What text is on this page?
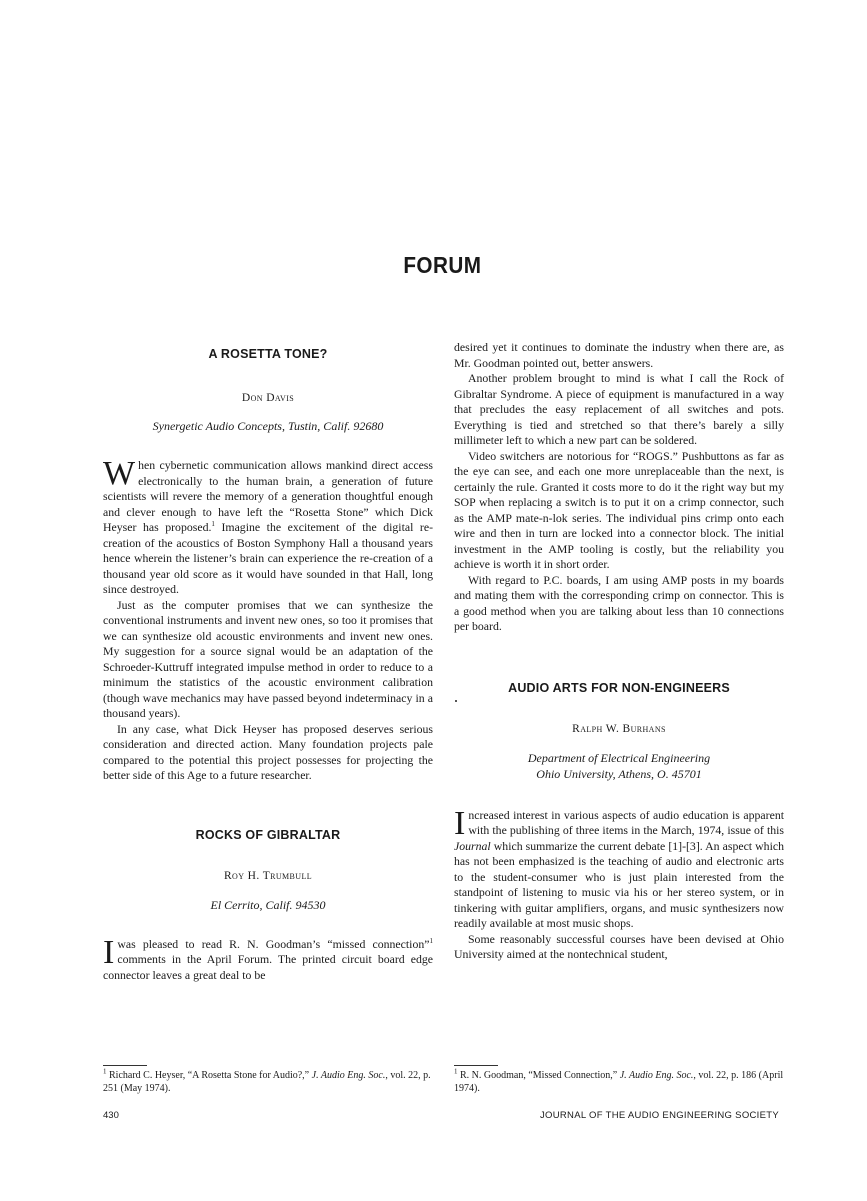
FORUM

A ROSETTA TONE?

Don Davis

Synergetic Audio Concepts, Tustin, Calif. 92680

When cybernetic communication allows mankind direct access electronically to the human brain, a generation of future scientists will revere the memory of a generation thoughtful enough and clever enough to have left the “Rosetta Stone” which Dick Heyser has proposed.$^1$ Imagine the excitement of the digital re-creation of the acoustics of Boston Symphony Hall a thousand years hence wherein the listener’s brain can experience the re-creation of a thousand year old score as it would have sounded in that Hall, long since destroyed.

Just as the computer promises that we can synthesize the conventional instruments and invent new ones, so too it promises that we can synthesize old acoustic environments and invent new ones. My suggestion for a source signal would be an adaptation of the Schroeder-Kuttruff integrated impulse method in order to reduce to a minimum the statistics of the acoustic environment calibration (though wave mechanics may have passed beyond indeterminacy in a thousand years).

In any case, what Dick Heyser has proposed deserves serious consideration and directed action. Many foundation projects pale compared to the potential this project possesses for projecting the better side of this Age to a future researcher.

ROCKS OF GIBRALTAR

Roy H. Trumbull

El Cerrito, Calif. 94530

Iwas pleased to read R. N. Goodman’s “missed connection”$^1$ comments in the April Forum. The printed circuit board edge connector leaves a great deal to be

$^1$ Richard C. Heyser, “A Rosetta Stone for Audio?,” J. Audio Eng. Soc., vol. 22, p. 251 (May 1974).

desired yet it continues to dominate the industry when there are, as Mr. Goodman pointed out, better answers.

Another problem brought to mind is what I call the Rock of Gibraltar Syndrome. A piece of equipment is manufactured in a way that precludes the easy replacement of all switches and pots. Everything is tied and stretched so that there’s barely a silly millimeter left to which a new part can be soldered.

Video switchers are notorious for “ROGS.” Pushbuttons as far as the eye can see, and each one more unreplaceable than the next, is certainly the rule. Granted it costs more to do it the right way but my SOP when replacing a switch is to put it on a crimp connector, such as the AMP mate-n-lok series. The individual pins crimp onto each wire and then in turn are locked into a connector block. The initial investment in the AMP tooling is costly, but the reliability you achieve is worth it in short order.

With regard to P.C. boards, I am using AMP posts in my boards and mating them with the corresponding crimp on connector. This is a good method when you are talking about less than 10 connections per board.

AUDIO ARTS FOR NON-ENGINEERS

Ralph W. Burhans

Department of Electrical Engineering

Ohio University, Athens, O. 45701

Increased interest in various aspects of audio education is apparent with the publishing of three items in the March, 1974, issue of this Journal which summarize the current debate [1]-[3]. An aspect which has not been emphasized is the teaching of audio and electronic arts to the student-consumer who is just plain interested from the standpoint of listening to music via his or her stereo system, or in tinkering with guitar amplifiers, organs, and music synthesizers now readily available at most music shops.

Some reasonably successful courses have been devised at Ohio University aimed at the nontechnical student,

$^1$ R. N. Goodman, “Missed Connection,” J. Audio Eng. Soc., vol. 22, p. 186 (April 1974).

430	JOURNAL OF THE AUDIO ENGINEERING SOCIETY
